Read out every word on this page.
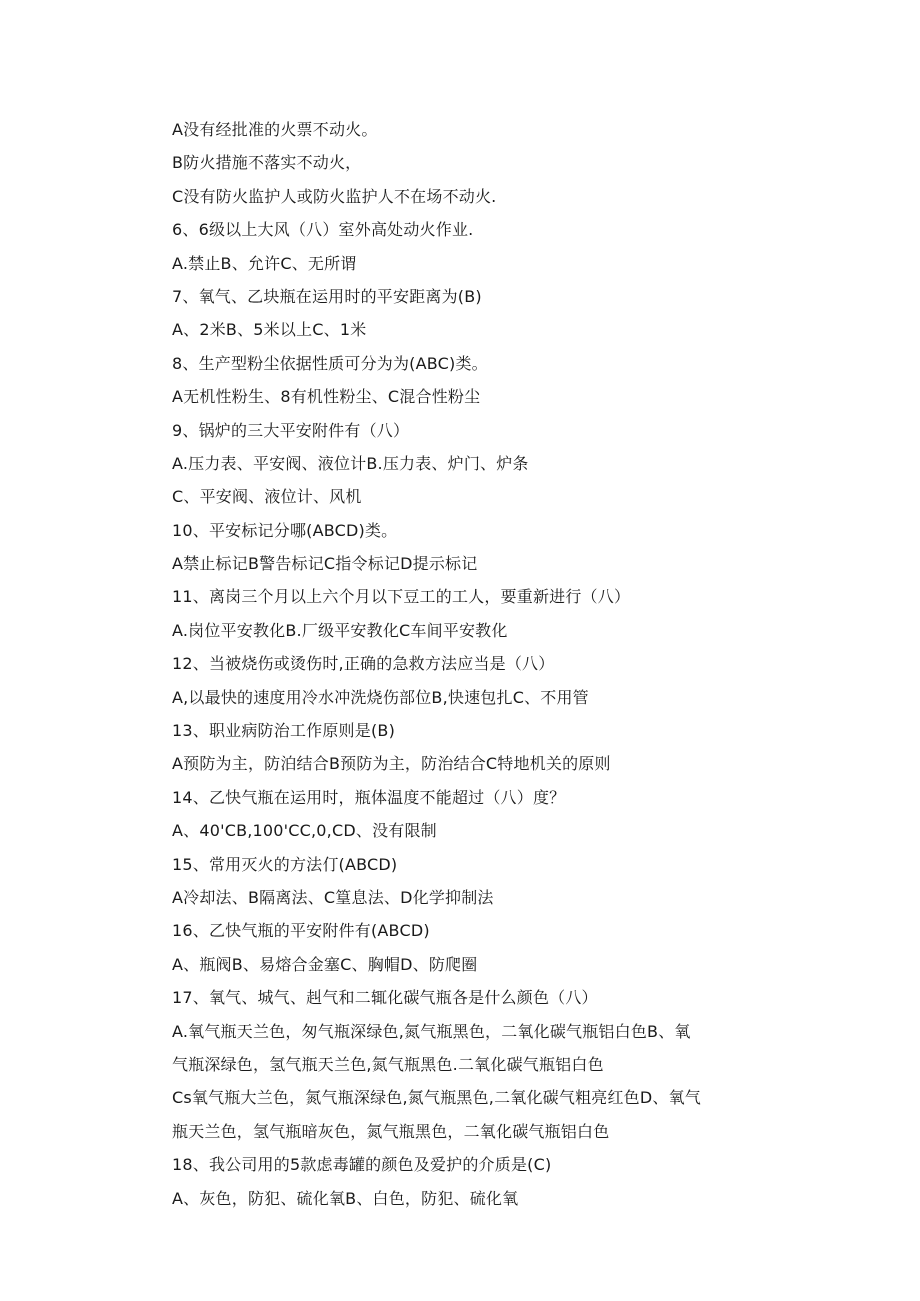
A没有经批准的火票不动火。
B防火措施不落实不动火，
C没有防火监护人或防火监护人不在场不动火.
6、6级以上大风（八）室外高处动火作业.
A.禁止B、允许C、无所谓
7、氧气、乙块瓶在运用时的平安距离为(B)
A、2米B、5米以上C、1米
8、生产型粉尘依据性质可分为为(ABC)类。
A无机性粉生、8有机性粉尘、C混合性粉尘
9、锅炉的三大平安附件有（八）
A.压力表、平安阀、液位计B.压力表、炉门、炉条
C、平安阀、液位计、风机
10、平安标记分哪(ABCD)类。
A禁止标记B警告标记C指令标记D提示标记
11、离岗三个月以上六个月以下豆工的工人，要重新进行（八）
A.岗位平安教化B.厂级平安教化C车间平安教化
12、当被烧伤或烫伤时,正确的急救方法应当是（八）
A,以最快的速度用冷水冲洗烧伤部位B,快速包扎C、不用管
13、职业病防治工作原则是(B)
A预防为主，防泊结合B预防为主，防治结合C特地机关的原则
14、乙快气瓶在运用时，瓶体温度不能超过（八）度？
A、40'CB,100'CC,0,CD、没有限制
15、常用灭火的方法仃(ABCD)
A冷却法、B隔离法、C篁息法、D化学抑制法
16、乙快气瓶的平安附件有(ABCD)
A、瓶阀B、易熔合金塞C、胸帽D、防爬圈
17、氧气、城气、赳气和二辄化碳气瓶各是什么颜色（八）
A.氧气瓶天兰色，匆气瓶深绿色,氮气瓶黑色，二氧化碳气瓶铝白色B、氧
气瓶深绿色，氢气瓶天兰色,氮气瓶黑色.二氧化碳气瓶铝白色
Cs氧气瓶大兰色，氮气瓶深绿色,氮气瓶黑色,二氧化碳气粗亮红色D、氧气
瓶天兰色，氢气瓶暗灰色，氮气瓶黑色，二氧化碳气瓶铝白色
18、我公司用的5款虑毒罐的颜色及爱护的介质是(C)
A、灰色，防犯、硫化氧B、白色，防犯、硫化氧
